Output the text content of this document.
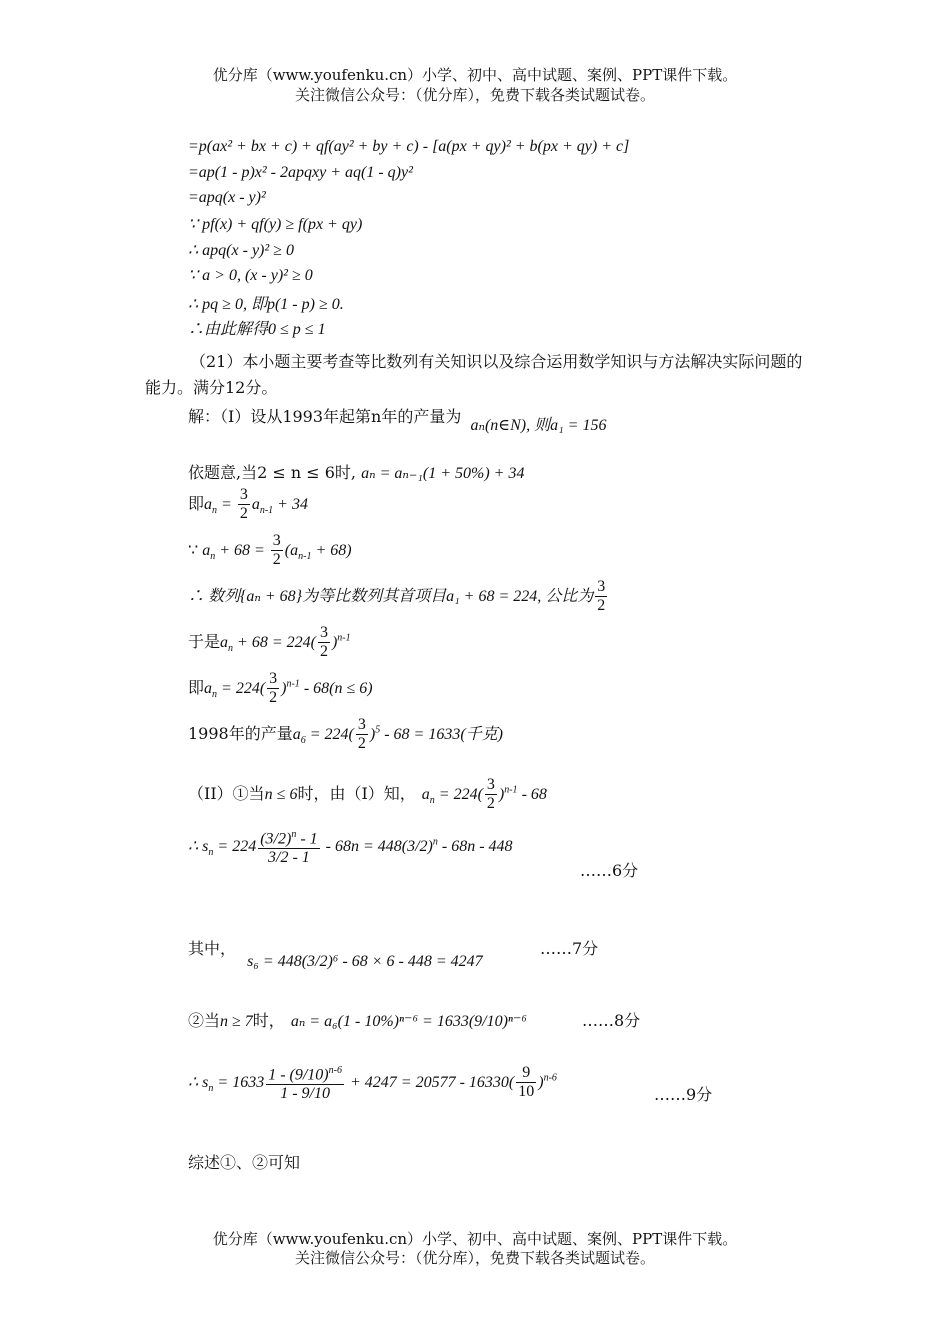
优分库（www.youfenku.cn）小学、初中、高中试题、案例、PPT课件下载。
关注微信公众号：（优分库），免费下载各类试题试卷。
=p(ax² + bx + c) + qf(ay² + by + c) - [a(px + qy)² + b(px + qy) + c]
=ap(1 - p)x² - 2apqxy + aq(1 - q)y²
=apq(x - y)²
∵ pf(x) + qf(y) ≥ f(px + qy)
∴ apq(x - y)² ≥ 0
∵ a > 0, (x - y)² ≥ 0
∴ pq ≥ 0, 即p(1 - p) ≥ 0.
∴由此解得0 ≤ p ≤ 1
（21）本小题主要考查等比数列有关知识以及综合运用数学知识与方法解决实际问题的能力。满分12分。
解：（I）设从1993年起第n年的产量为 aₙ(n∈N), 则a₁ = 156
依题意,当2 ≤ n ≤ 6时, aₙ = aₙ₋₁(1 + 50%) + 34
即$a_n = \frac{3}{2} a_{n-1} + 34$
∵ $a_n + 68 = \frac{3}{2} (a_{n-1} + 68)$
∴ 数列{aₙ + 68}为等比数列其首项目a₁ + 68 = 224, 公比为 $\frac{3}{2}$
于是$a_n + 68 = 224( \frac{3}{2} )^{n-1}$
即$a_n = 224( \frac{3}{2} )^{n-1} - 68(n \le 6)$
1998年的产量$a_6 = 224( \frac{3}{2} )^5 - 68 = 1633$(千克)
（II）①当n ≤ 6时，由（I）知， $a_n = 224( \frac{3}{2} )^{n-1} - 68$
∴ $s_n = 224 \frac{(3/2)^n - 1}{3/2 - 1} - 68n = 448(3/2)^n - 68n - 448$
……6分
其中， s₆ = 448(3/2)⁶ - 68 × 6 - 448 = 4247
……7分
②当n ≥ 7时， aₙ = a₆(1 - 10%)ⁿ⁻⁶ = 1633(9/10)ⁿ⁻⁶	……8分
∴ $s_n = 1633 \frac{1 - (9/10)^{n-6}}{1 - 9/10} + 4247 = 20577 - 16330( \frac{9}{10} )^{n-6}$
……9分
综述①、②可知
优分库（www.youfenku.cn）小学、初中、高中试题、案例、PPT课件下载。
关注微信公众号：（优分库），免费下载各类试题试卷。
